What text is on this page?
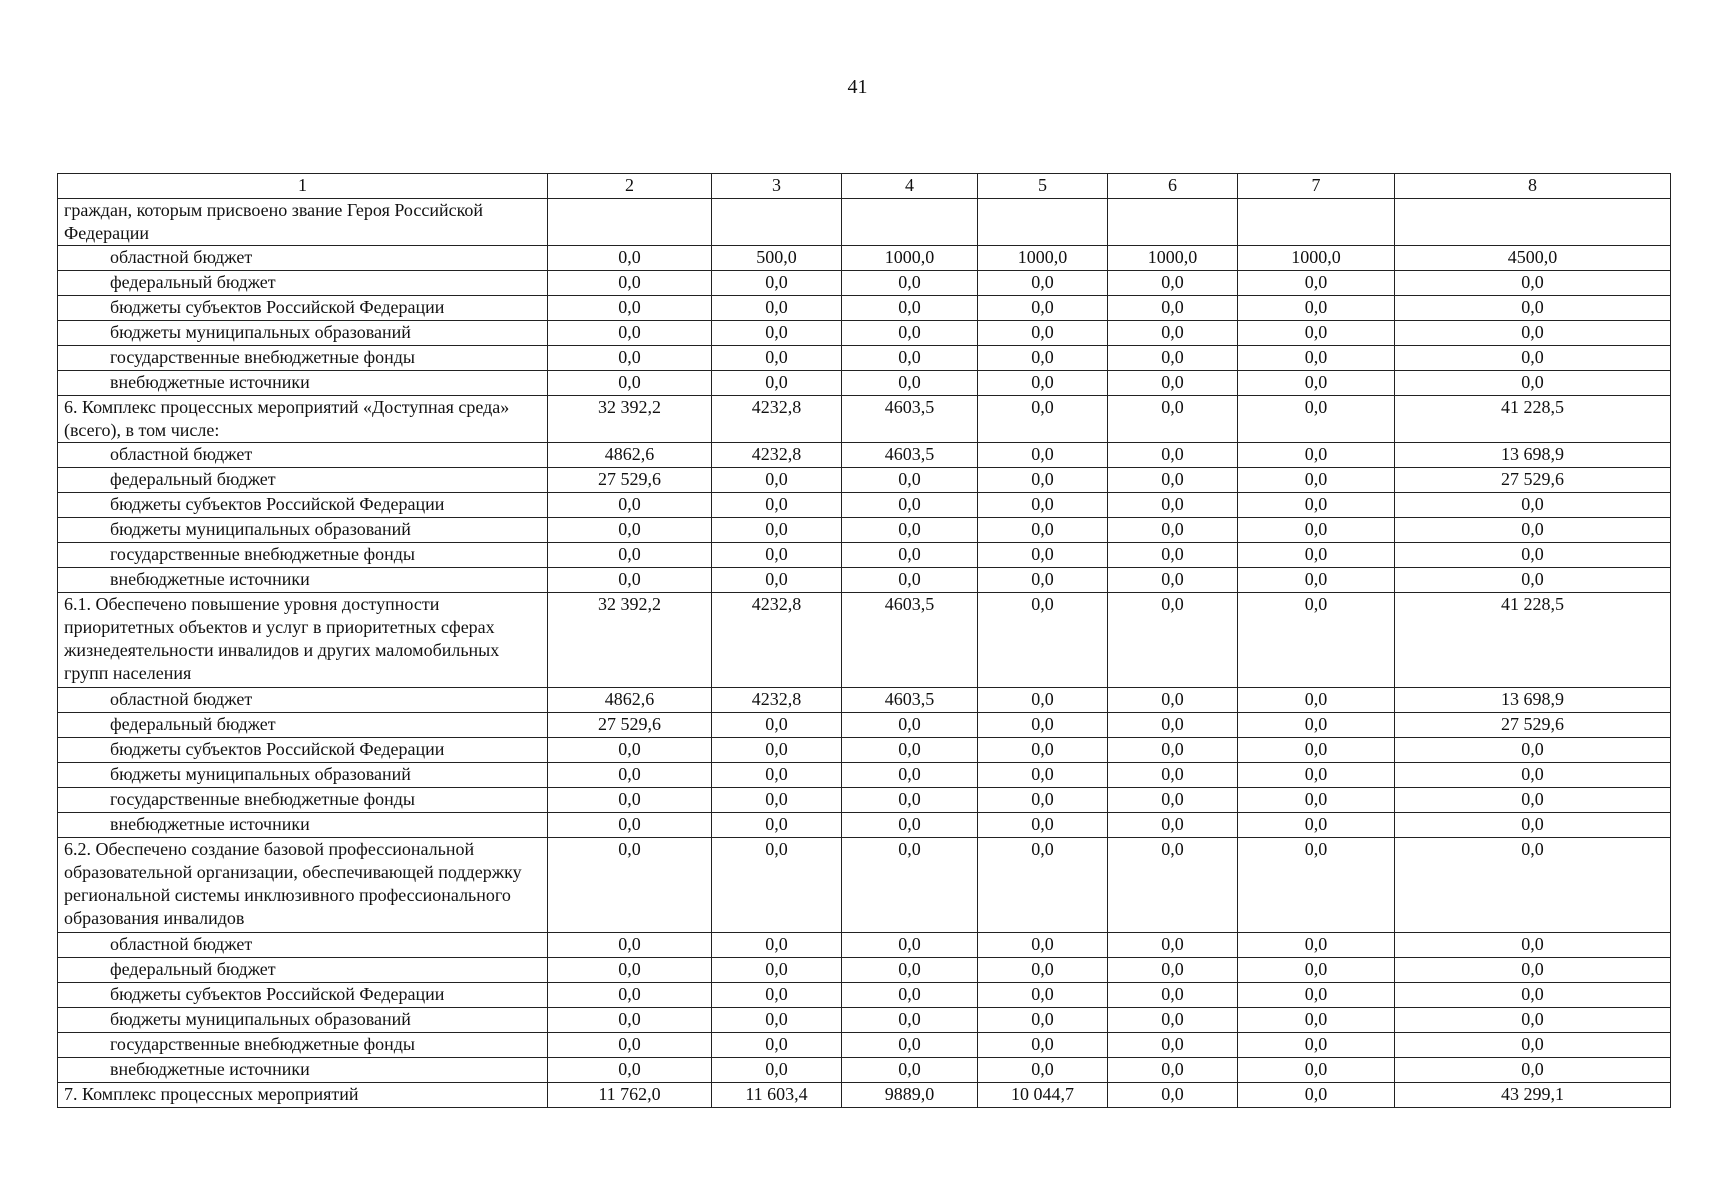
41
1	2	3	4	5	6	7	8
граждан, которым присвоено звание Героя Российской Федерации							
областной бюджет	0,0	500,0	1000,0	1000,0	1000,0	1000,0	4500,0
федеральный бюджет	0,0	0,0	0,0	0,0	0,0	0,0	0,0
бюджеты субъектов Российской Федерации	0,0	0,0	0,0	0,0	0,0	0,0	0,0
бюджеты муниципальных образований	0,0	0,0	0,0	0,0	0,0	0,0	0,0
государственные внебюджетные фонды	0,0	0,0	0,0	0,0	0,0	0,0	0,0
внебюджетные источники	0,0	0,0	0,0	0,0	0,0	0,0	0,0
6. Комплекс процессных мероприятий «Доступная среда» (всего), в том числе:	32 392,2	4232,8	4603,5	0,0	0,0	0,0	41 228,5
областной бюджет	4862,6	4232,8	4603,5	0,0	0,0	0,0	13 698,9
федеральный бюджет	27 529,6	0,0	0,0	0,0	0,0	0,0	27 529,6
бюджеты субъектов Российской Федерации	0,0	0,0	0,0	0,0	0,0	0,0	0,0
бюджеты муниципальных образований	0,0	0,0	0,0	0,0	0,0	0,0	0,0
государственные внебюджетные фонды	0,0	0,0	0,0	0,0	0,0	0,0	0,0
внебюджетные источники	0,0	0,0	0,0	0,0	0,0	0,0	0,0
6.1. Обеспечено повышение уровня доступности приоритетных объектов и услуг в приоритетных сферах жизнедеятельности инвалидов и других маломобильных групп населения	32 392,2	4232,8	4603,5	0,0	0,0	0,0	41 228,5
областной бюджет	4862,6	4232,8	4603,5	0,0	0,0	0,0	13 698,9
федеральный бюджет	27 529,6	0,0	0,0	0,0	0,0	0,0	27 529,6
бюджеты субъектов Российской Федерации	0,0	0,0	0,0	0,0	0,0	0,0	0,0
бюджеты муниципальных образований	0,0	0,0	0,0	0,0	0,0	0,0	0,0
государственные внебюджетные фонды	0,0	0,0	0,0	0,0	0,0	0,0	0,0
внебюджетные источники	0,0	0,0	0,0	0,0	0,0	0,0	0,0
6.2. Обеспечено создание базовой профессиональной образовательной организации, обеспечивающей поддержку региональной системы инклюзивного профессионального образования инвалидов	0,0	0,0	0,0	0,0	0,0	0,0	0,0
областной бюджет	0,0	0,0	0,0	0,0	0,0	0,0	0,0
федеральный бюджет	0,0	0,0	0,0	0,0	0,0	0,0	0,0
бюджеты субъектов Российской Федерации	0,0	0,0	0,0	0,0	0,0	0,0	0,0
бюджеты муниципальных образований	0,0	0,0	0,0	0,0	0,0	0,0	0,0
государственные внебюджетные фонды	0,0	0,0	0,0	0,0	0,0	0,0	0,0
внебюджетные источники	0,0	0,0	0,0	0,0	0,0	0,0	0,0
7. Комплекс процессных мероприятий	11 762,0	11 603,4	9889,0	10 044,7	0,0	0,0	43 299,1
